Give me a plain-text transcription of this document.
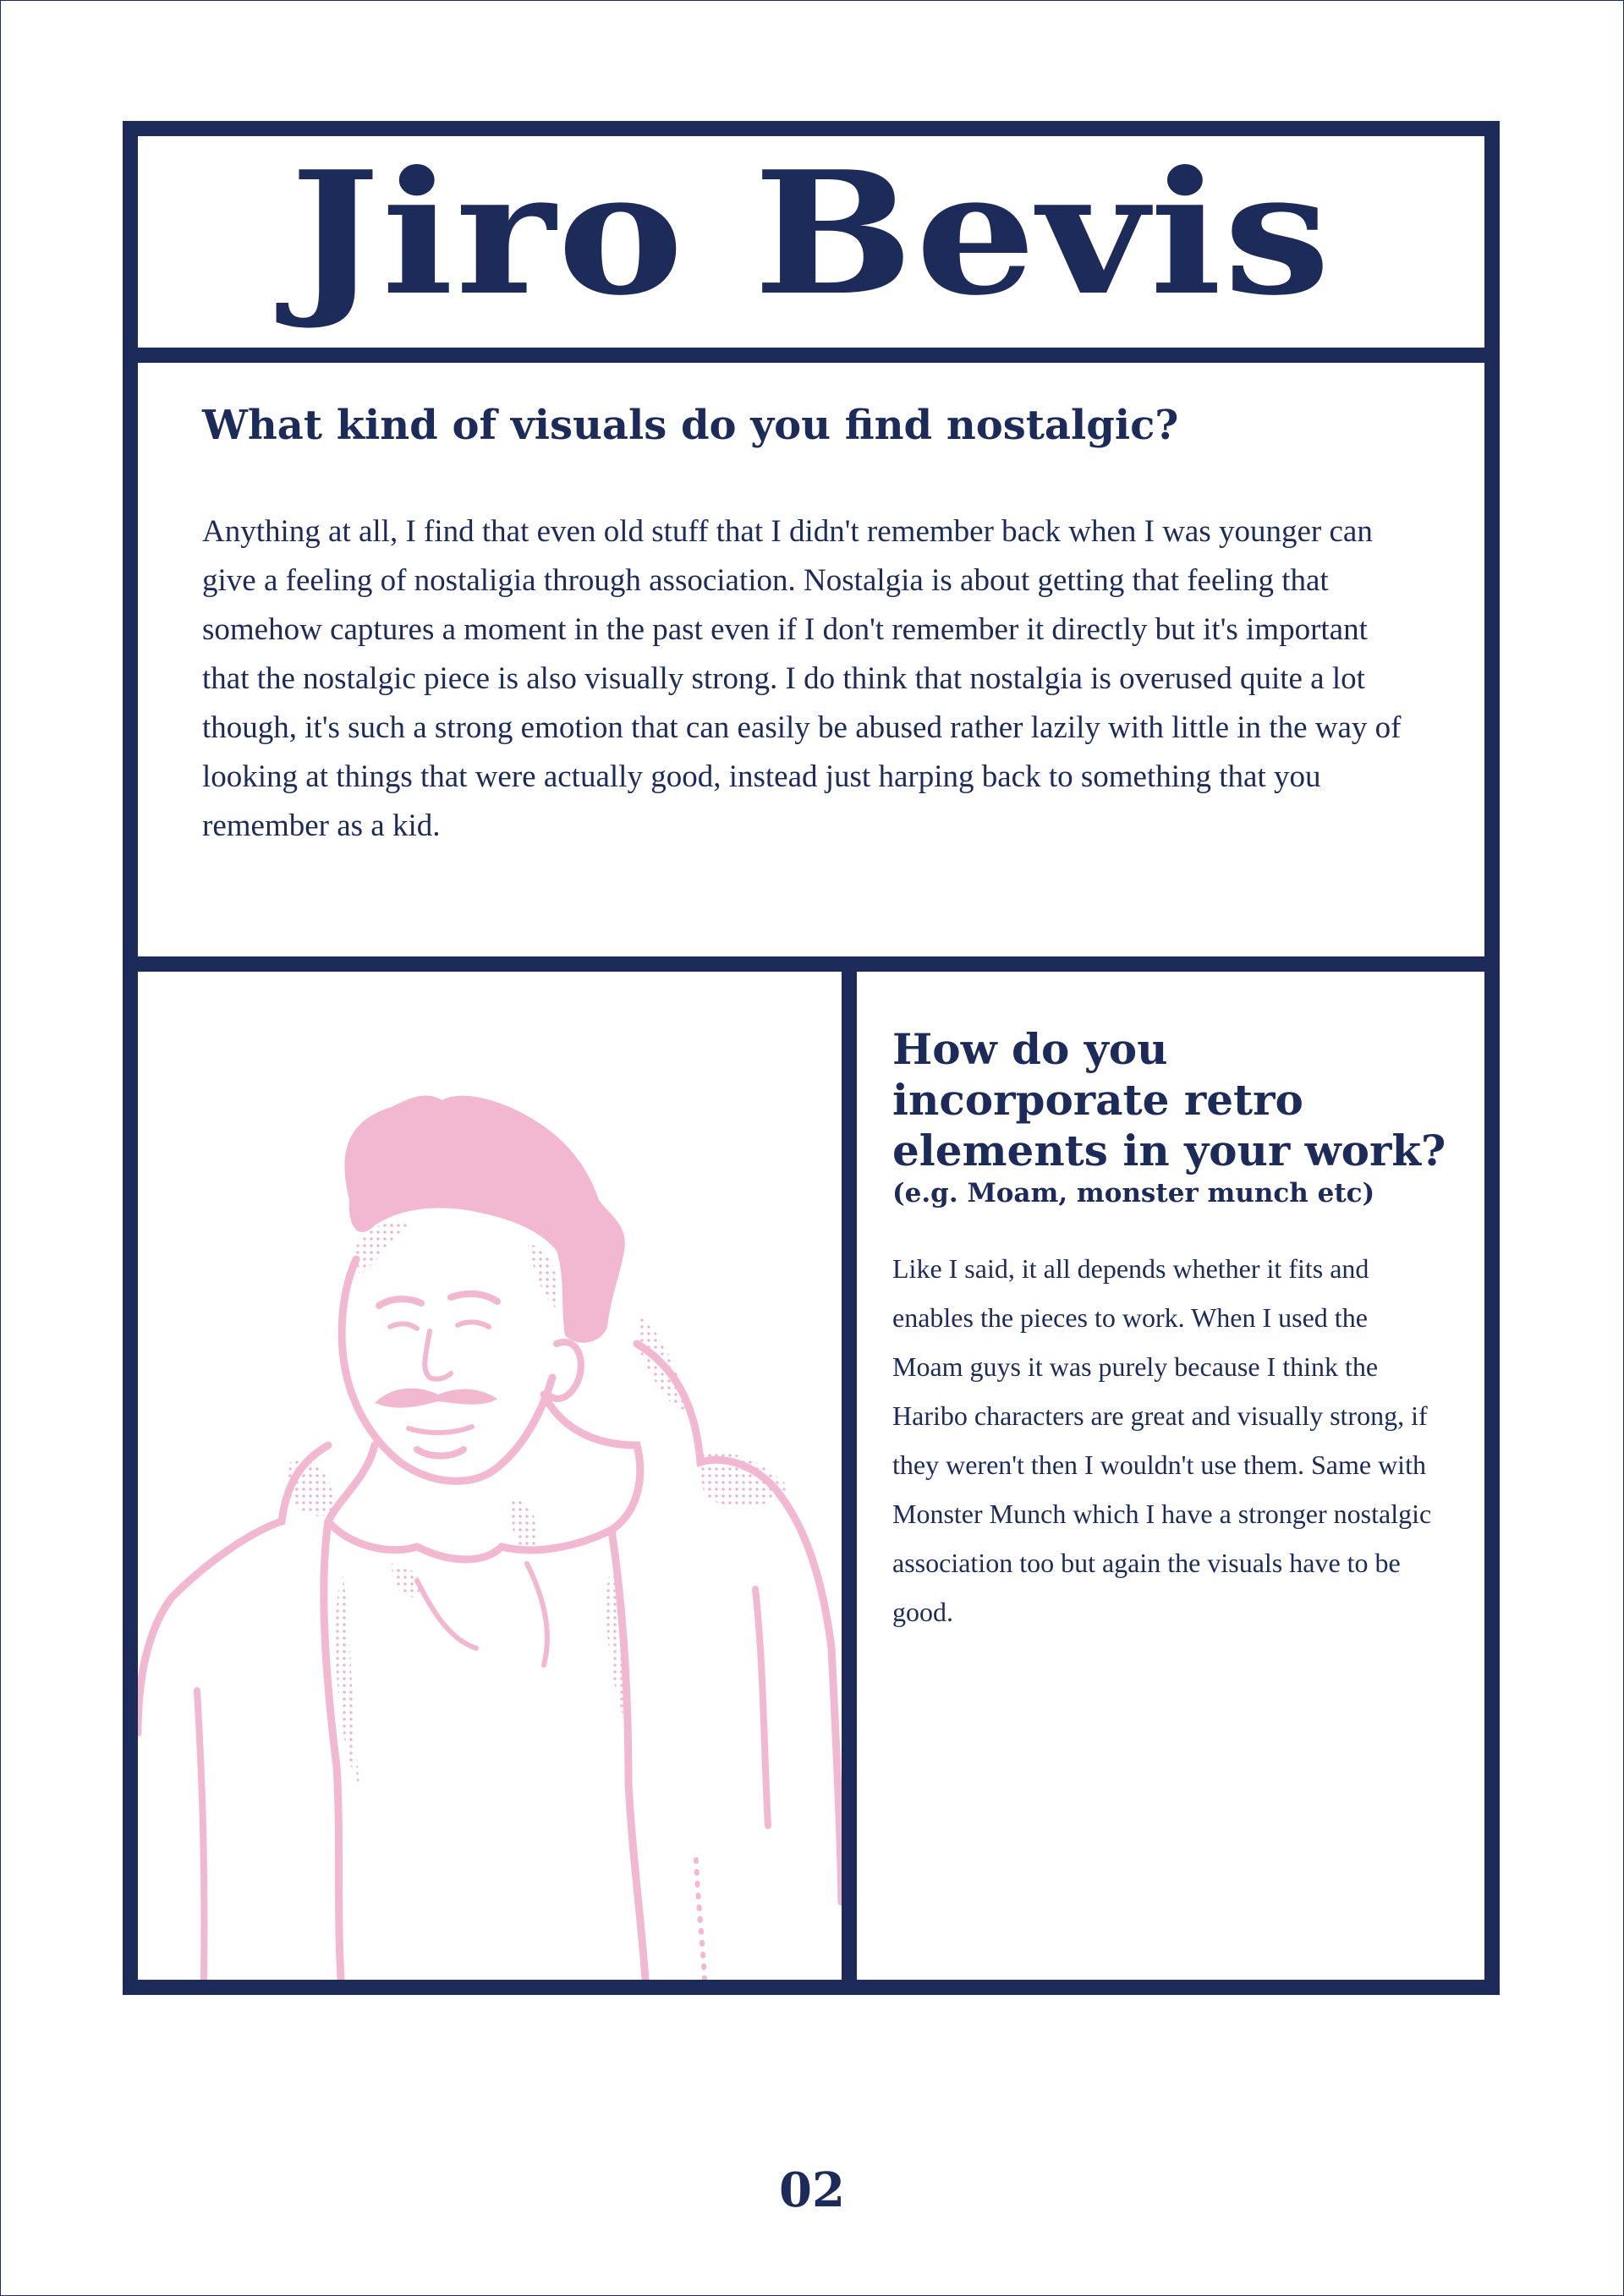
Jiro Bevis
What kind of visuals do you find nostalgic?

Anything at all, I find that even old stuff that I didn't remember back when I was younger can give a feeling of nostaligia through association. Nostalgia is about getting that feeling that somehow captures a moment in the past even if I don't remember it directly but it's important that the nostalgic piece is also visually strong. I do think that nostalgia is overused quite a lot though, it's such a strong emotion that can easily be abused rather lazily with little in the way of looking at things that were actually good, instead just harping back to something that you remember as a kid.

How do you incorporate retro elements in your work?
(e.g. Moam, monster munch etc)

Like I said, it all depends whether it fits and enables the pieces to work. When I used the Moam guys it was purely because I think the Haribo characters are great and visually strong, if they weren't then I wouldn't use them. Same with Monster Munch which I have a stronger nostalgic association too but again the visuals have to be good.

02
